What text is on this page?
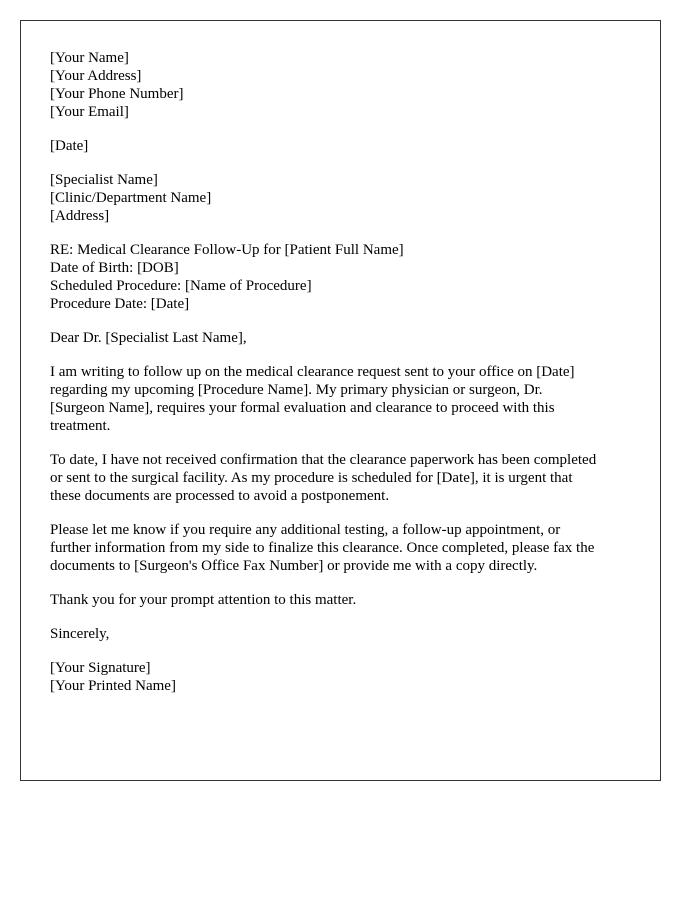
[Your Name]
[Your Address]
[Your Phone Number]
[Your Email]
[Date]
[Specialist Name]
[Clinic/Department Name]
[Address]
RE: Medical Clearance Follow-Up for [Patient Full Name]
Date of Birth: [DOB]
Scheduled Procedure: [Name of Procedure]
Procedure Date: [Date]
Dear Dr. [Specialist Last Name],
I am writing to follow up on the medical clearance request sent to your office on [Date]
regarding my upcoming [Procedure Name]. My primary physician or surgeon, Dr.
[Surgeon Name], requires your formal evaluation and clearance to proceed with this
treatment.
To date, I have not received confirmation that the clearance paperwork has been completed
or sent to the surgical facility. As my procedure is scheduled for [Date], it is urgent that
these documents are processed to avoid a postponement.
Please let me know if you require any additional testing, a follow-up appointment, or
further information from my side to finalize this clearance. Once completed, please fax the
documents to [Surgeon's Office Fax Number] or provide me with a copy directly.
Thank you for your prompt attention to this matter.
Sincerely,
[Your Signature]
[Your Printed Name]
